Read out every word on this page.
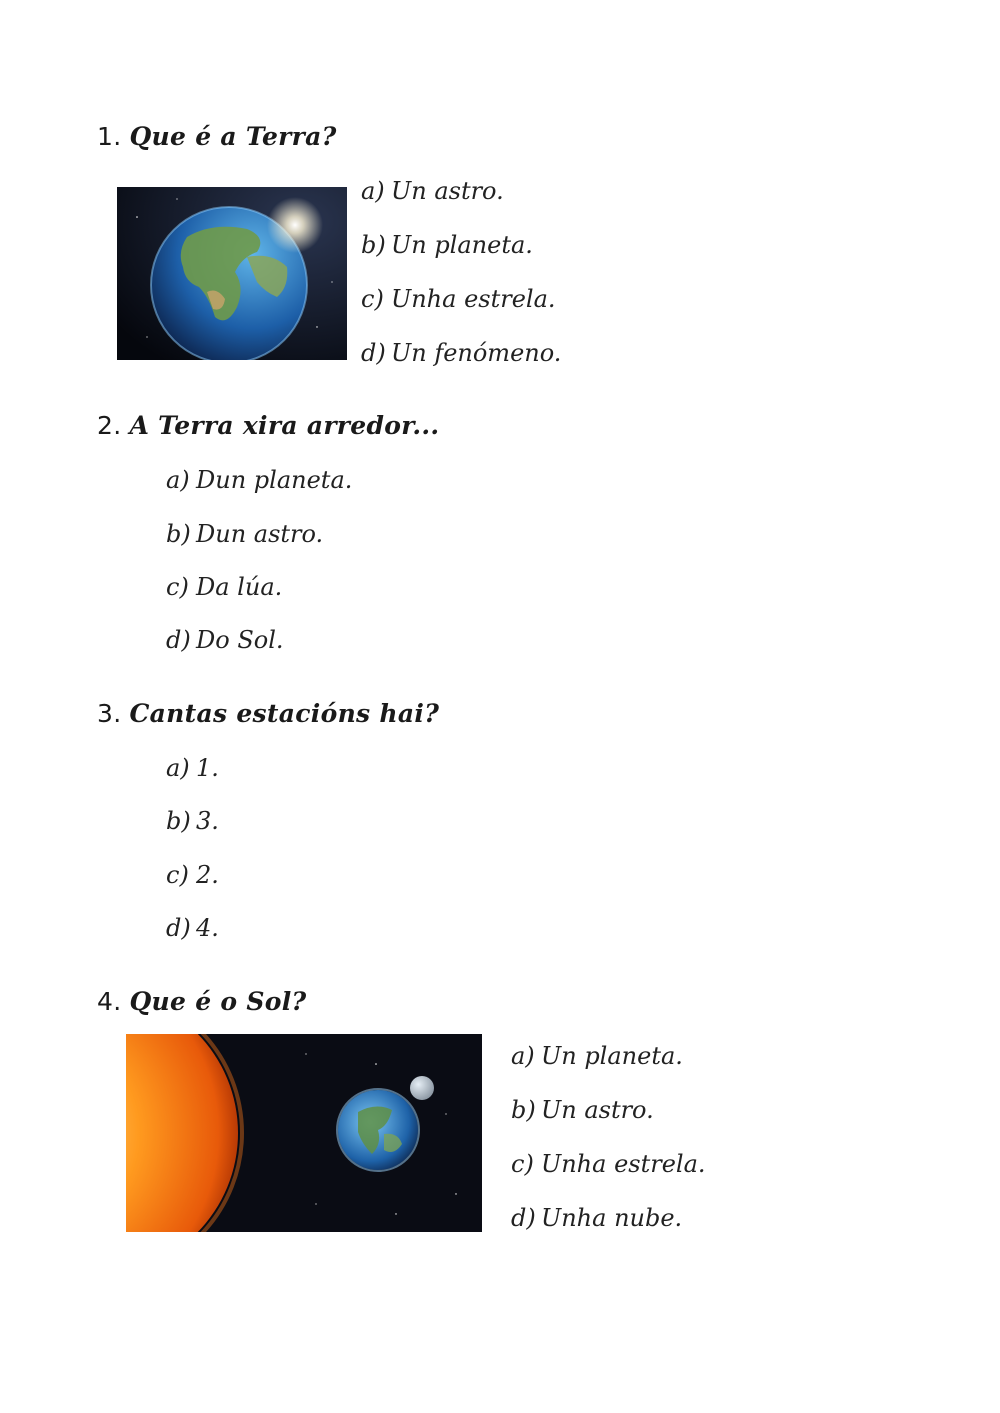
1. Que é a Terra?
a) Un astro.
b) Un planeta.
c) Unha estrela.
d) Un fenómeno.
2. A Terra xira arredor...
a) Dun planeta.
b) Dun astro.
c) Da lúa.
d) Do Sol.
3. Cantas estacións hai?
a) 1.
b) 3.
c) 2.
d) 4.
4. Que é o Sol?
a) Un planeta.
b) Un astro.
c) Unha estrela.
d) Unha nube.
